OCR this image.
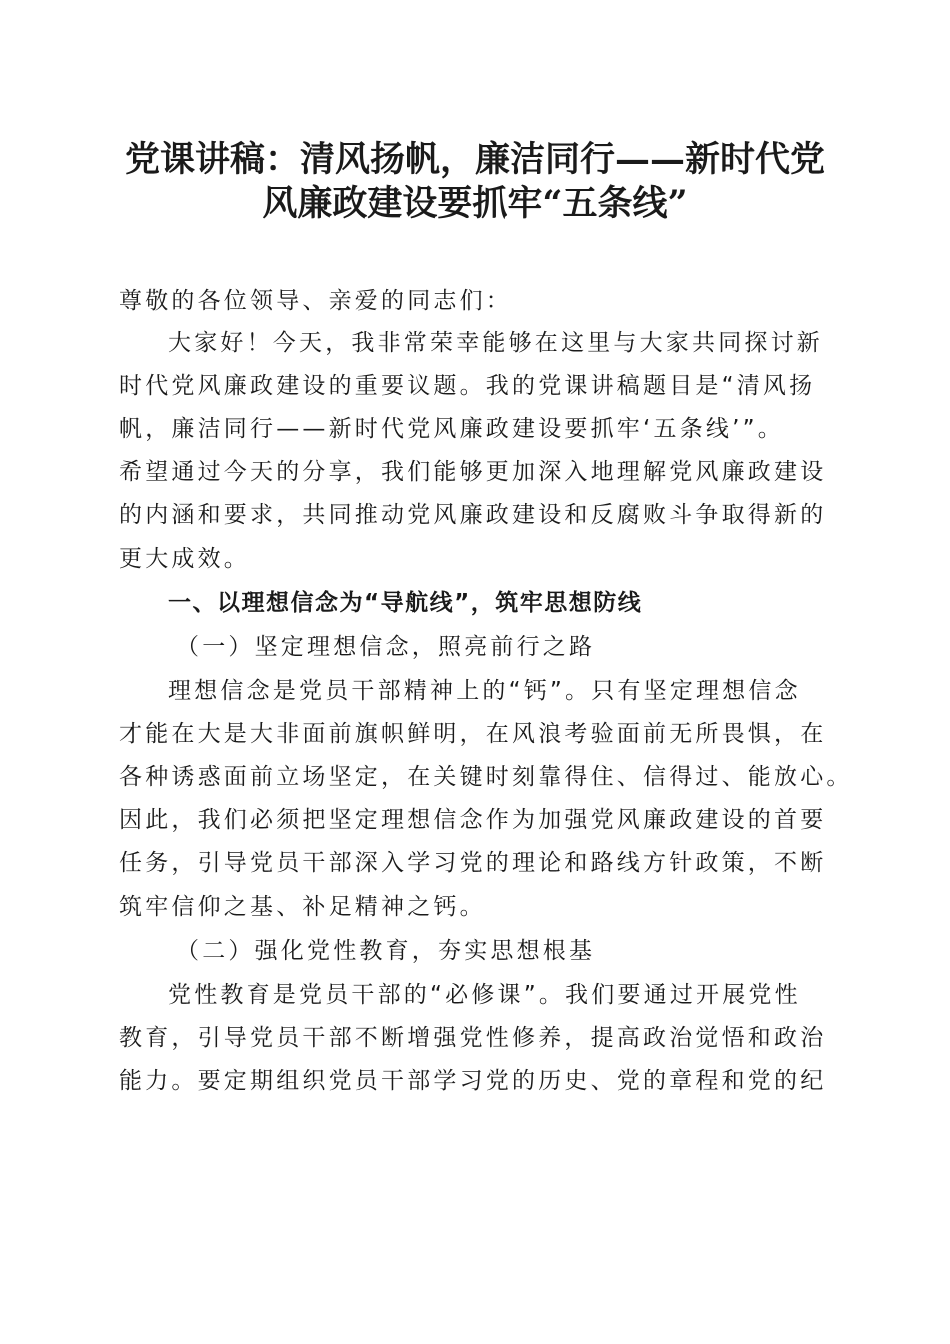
党课讲稿：清风扬帆，廉洁同行——新时代党
风廉政建设要抓牢“五条线”

尊敬的各位领导、亲爱的同志们：

大家好！今天，我非常荣幸能够在这里与大家共同探讨新

时代党风廉政建设的重要议题。我的党课讲稿题目是“清风扬

帆，廉洁同行——新时代党风廉政建设要抓牢‘五条线’”。

希望通过今天的分享，我们能够更加深入地理解党风廉政建设

的内涵和要求，共同推动党风廉政建设和反腐败斗争取得新的

更大成效。

一、以理想信念为“导航线”，筑牢思想防线

（一）坚定理想信念，照亮前行之路

理想信念是党员干部精神上的“钙”。只有坚定理想信念

才能在大是大非面前旗帜鲜明，在风浪考验面前无所畏惧，在

各种诱惑面前立场坚定，在关键时刻靠得住、信得过、能放心。

因此，我们必须把坚定理想信念作为加强党风廉政建设的首要

任务，引导党员干部深入学习党的理论和路线方针政策，不断

筑牢信仰之基、补足精神之钙。

（二）强化党性教育，夯实思想根基

党性教育是党员干部的“必修课”。我们要通过开展党性

教育，引导党员干部不断增强党性修养，提高政治觉悟和政治

能力。要定期组织党员干部学习党的历史、党的章程和党的纪
